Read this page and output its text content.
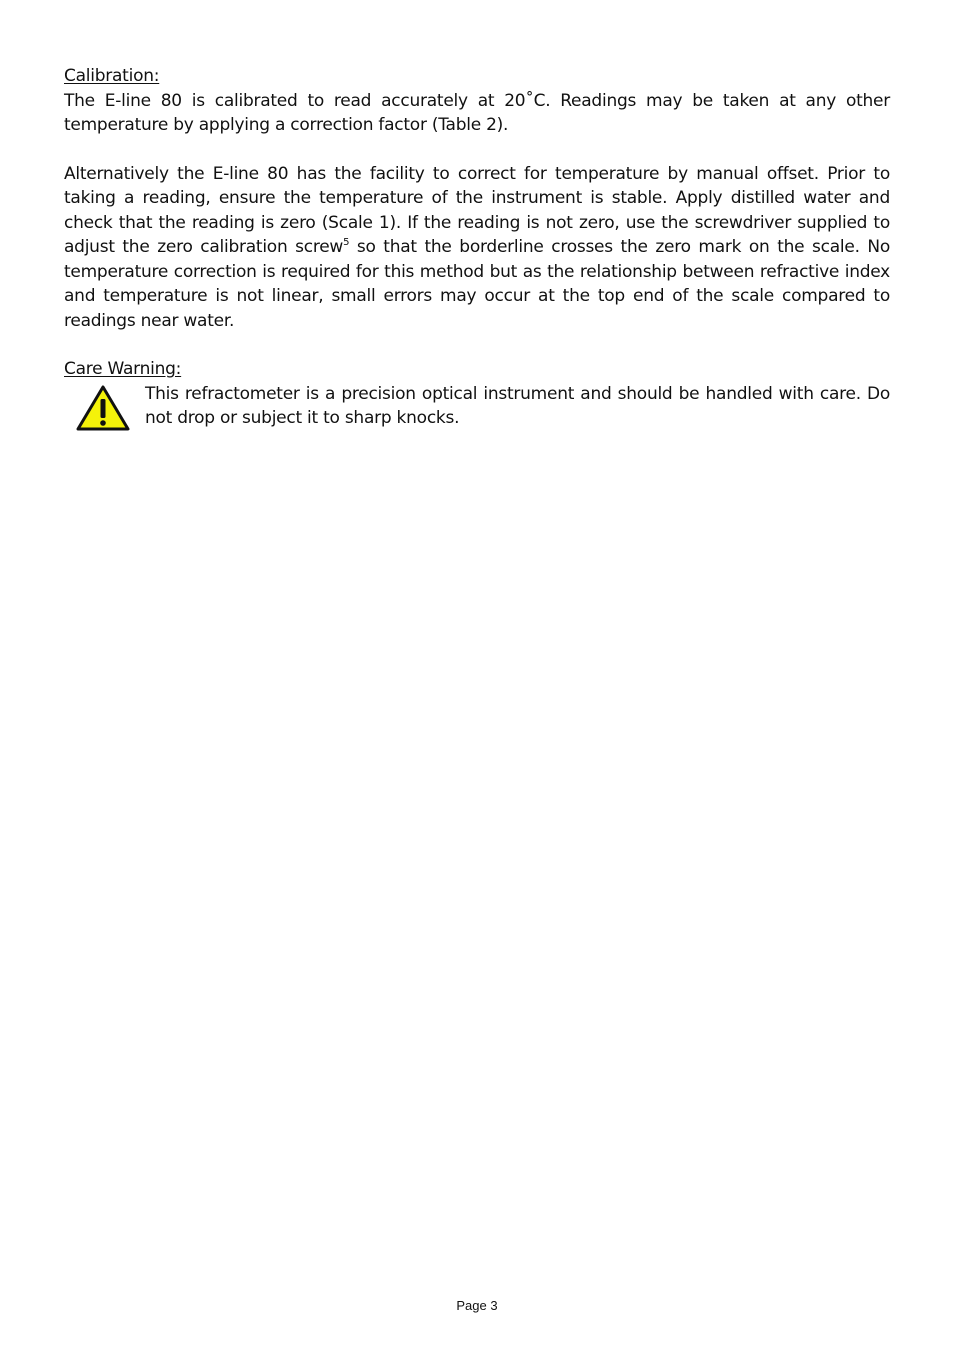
Calibration:

The E-line 80 is calibrated to read accurately at 20˚C. Readings may be taken at any other temperature by applying a correction factor (Table 2).

Alternatively the E-line 80 has the facility to correct for temperature by manual offset. Prior to taking a reading, ensure the temperature of the instrument is stable. Apply distilled water and check that the reading is zero (Scale 1). If the reading is not zero, use the screwdriver supplied to adjust the zero calibration screw$^5$ so that the borderline crosses the zero mark on the scale. No temperature correction is required for this method but as the relationship between refractive index and temperature is not linear, small errors may occur at the top end of the scale compared to readings near water.

Care Warning:

This refractometer is a precision optical instrument and should be handled with care. Do not drop or subject it to sharp knocks.

Page 3
